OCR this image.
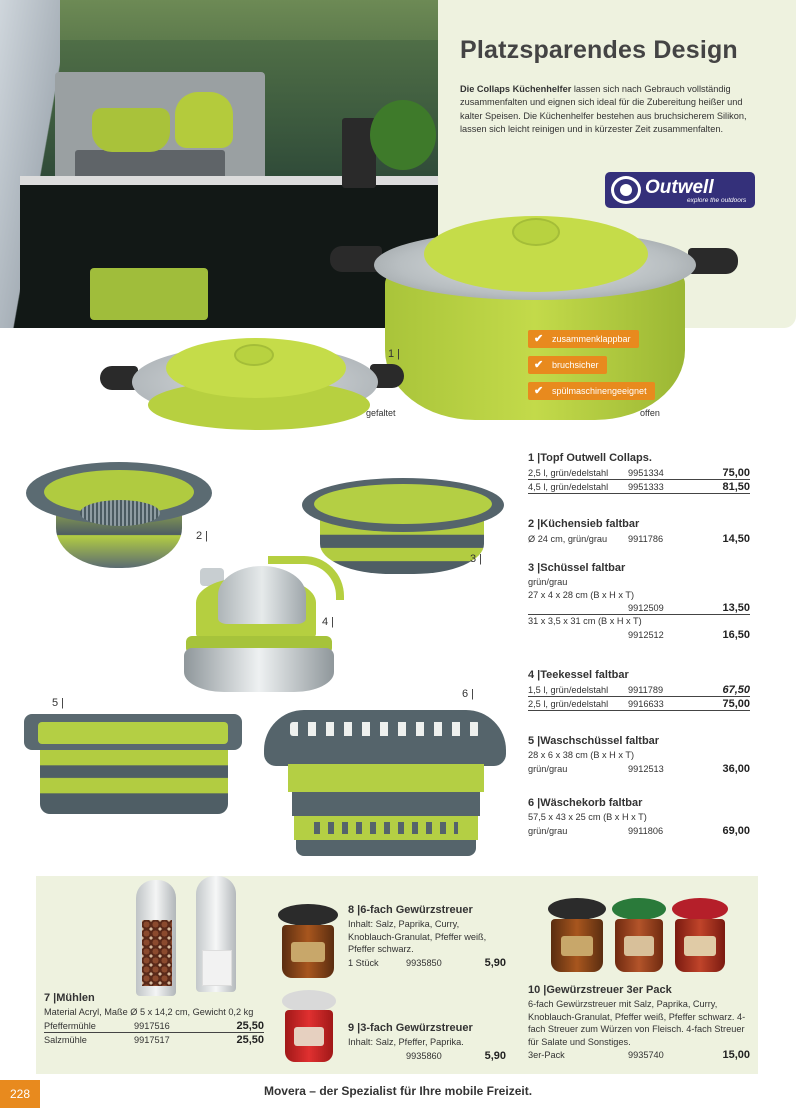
Platzsparendes Design
Die Collaps Küchenhelfer lassen sich nach Gebrauch vollständig zusammenfalten und eignen sich ideal für die Zubereitung heißer und kalter Speisen. Die Küchenhelfer bestehen aus bruchsicherem Silikon, lassen sich leicht reinigen und in kürzester Zeit zusammenfalten.
Outwell
explore the outdoors
✔ zusammenklappbar
✔ bruchsicher
✔ spülmaschinengeeignet
offen
1 |
gefaltet
2 |
3 |
4 |
5 |
6 |
1 |Topf Outwell Collaps.
2,5 l, grün/edelstahl 9951334	75,00
4,5 l, grün/edelstahl 9951333	81,50
2 |Küchensieb faltbar
Ø 24 cm, grün/grau 9911786	14,50
3 |Schüssel faltbar
grün/grau
27 x 4 x 28 cm (B x H x T)
9912509	13,50
31 x 3,5 x 31 cm (B x H x T)
9912512	16,50
4 |Teekessel faltbar
1,5 l, grün/edelstahl 9911789	67,50
2,5 l, grün/edelstahl 9916633	75,00
5 |Waschschüssel faltbar
28 x 6 x 38 cm (B x H x T)
grün/grau	9912513	36,00
6 |Wäschekorb faltbar
57,5 x 43 x 25 cm (B x H x T)
grün/grau	9911806	69,00
7 |Mühlen
Material Acryl, Maße Ø 5 x 14,2 cm, Gewicht 0,2 kg
Pfeffermühle	9917516	25,50
Salzmühle	9917517	25,50
8 |6-fach Gewürzstreuer
Inhalt: Salz, Paprika, Curry, Knoblauch-Granulat, Pfeffer weiß, Pfeffer schwarz.
1 Stück	9935850	5,90
9 |3-fach Gewürzstreuer
Inhalt: Salz, Pfeffer, Paprika.
9935860	5,90
10 |Gewürzstreuer 3er Pack
6-fach Gewürzstreuer mit Salz, Paprika, Curry, Knoblauch-Granulat, Pfeffer weiß, Pfeffer schwarz. 4-fach Streuer zum Würzen von Fleisch. 4-fach Streuer für Salate und Sonstiges.
3er-Pack	9935740	15,00
Movera – der Spezialist für Ihre mobile Freizeit.
228
